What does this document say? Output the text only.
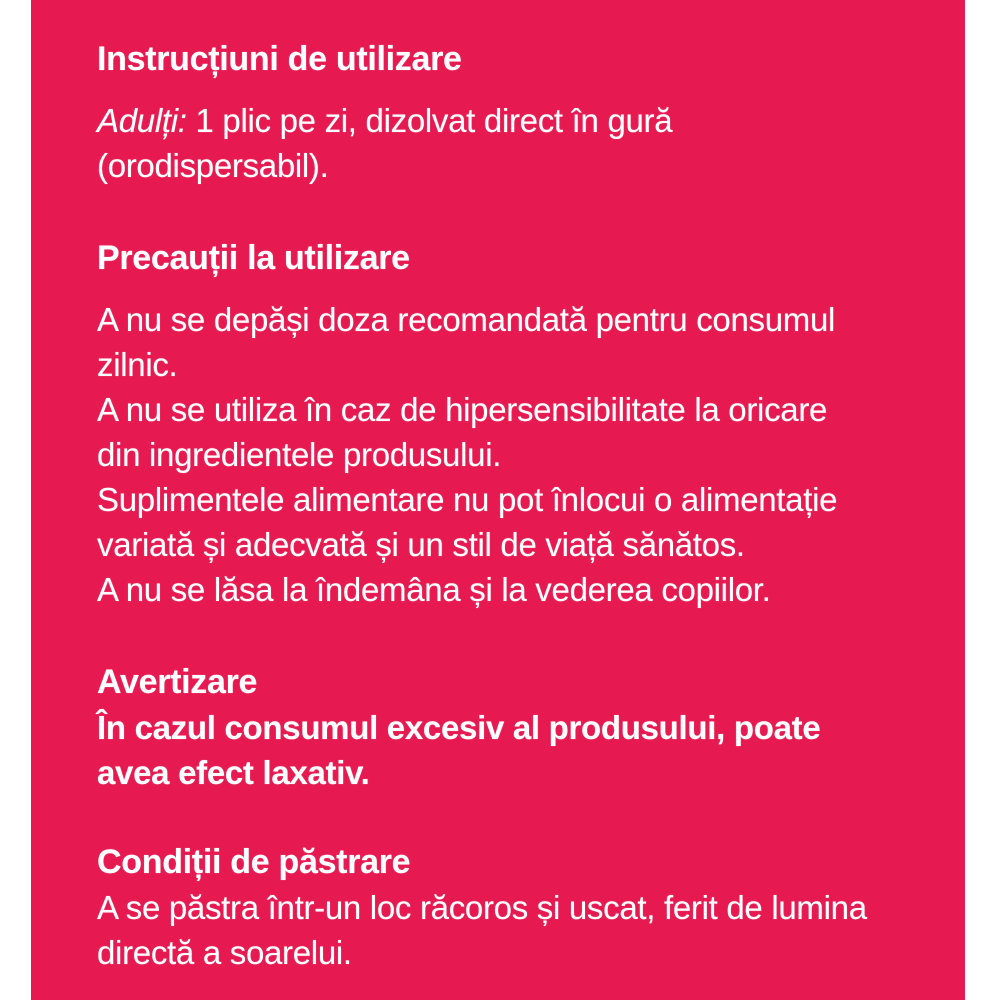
Instrucțiuni de utilizare
Adulți: 1 plic pe zi, dizolvat direct în gură
(orodispersabil).
Precauții la utilizare
A nu se depăși doza recomandată pentru consumul
zilnic.
A nu se utiliza în caz de hipersensibilitate la oricare
din ingredientele produsului.
Suplimentele alimentare nu pot înlocui o alimentație
variată și adecvată și un stil de viață sănătos.
A nu se lăsa la îndemâna și la vederea copiilor.
Avertizare
În cazul consumul excesiv al produsului, poate
avea efect laxativ.
Condiții de păstrare
A se păstra într-un loc răcoros și uscat, ferit de lumina
directă a soarelui.
